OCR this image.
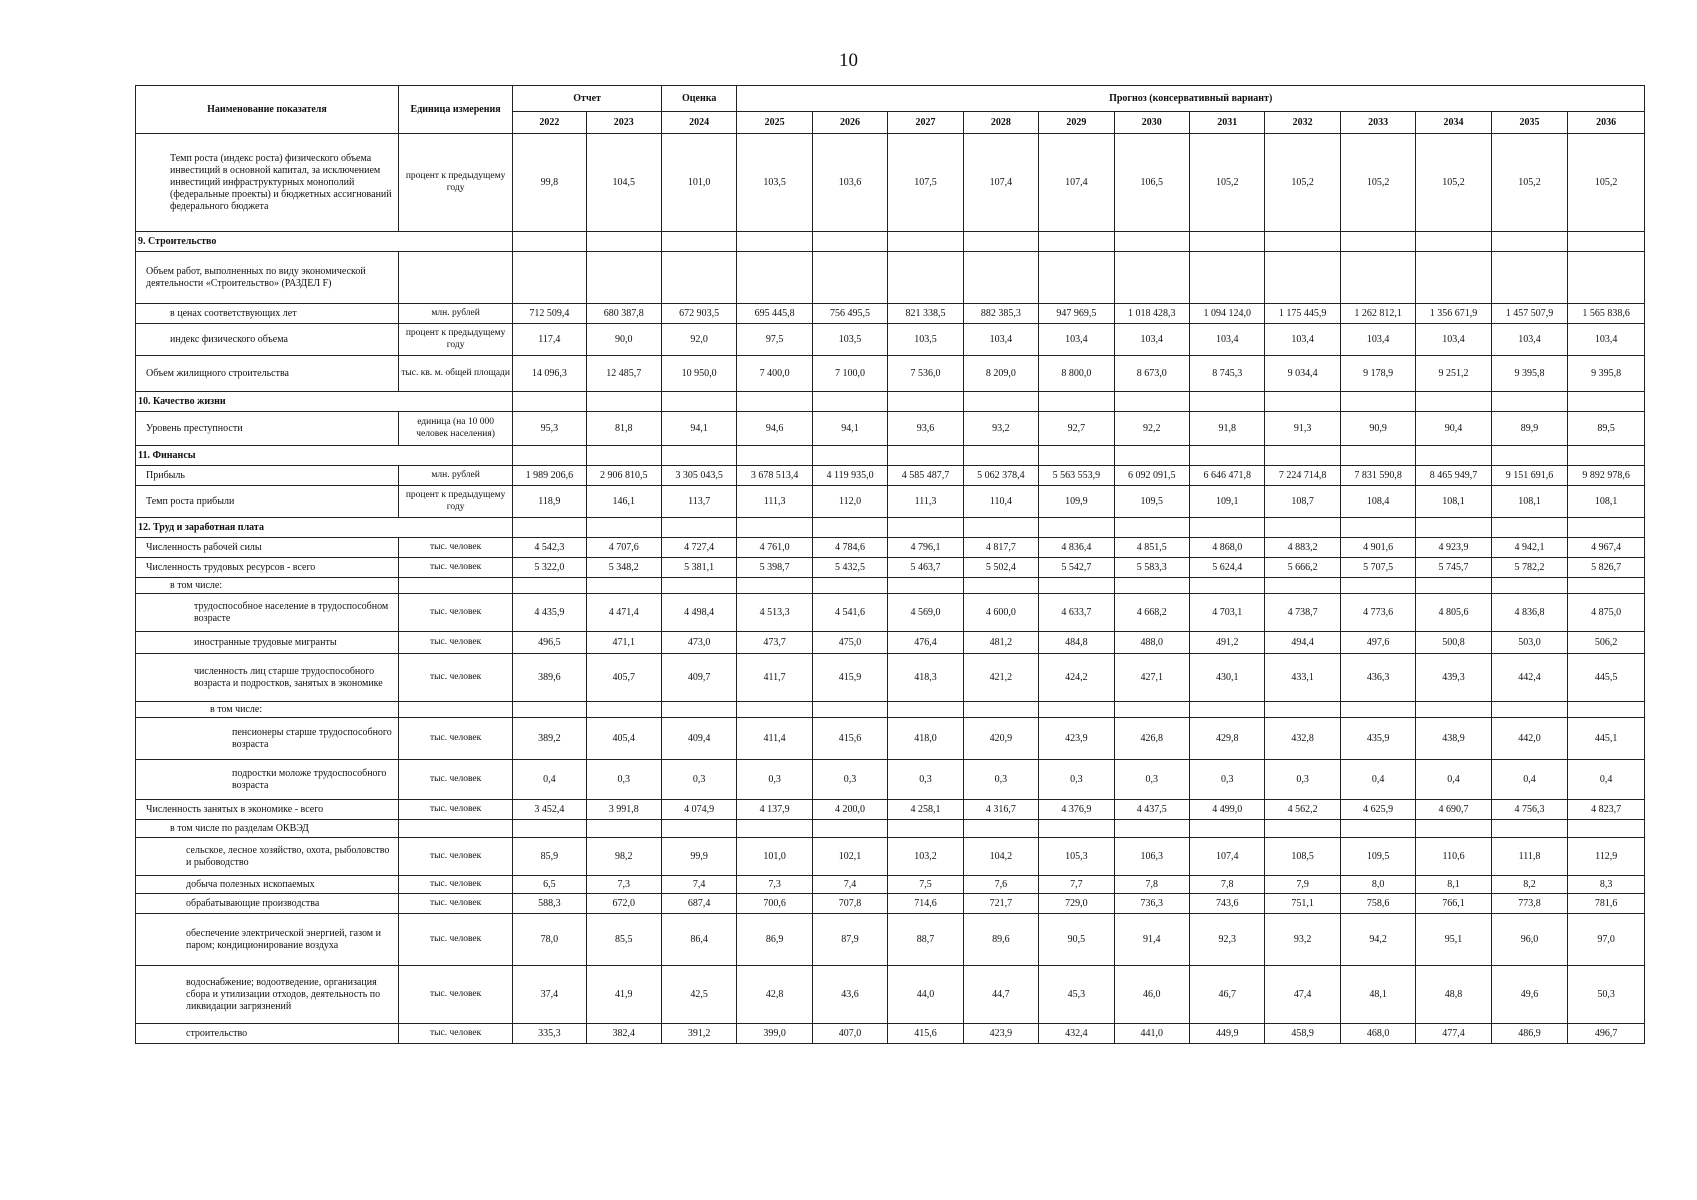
10
Наименование показателя	Единица измерения	Отчет		Оценка	Прогноз (консервативный вариант)											
		2022	2023	2024	2025	2026	2027	2028	2029	2030	2031	2032	2033	2034	2035	2036
Темп роста (индекс роста) физического объема инвестиций в основной капитал, за исключением инвестиций инфраструктурных монополий (федеральные проекты) и бюджетных ассигнований федерального бюджета	процент к предыдущему году	99,8	104,5	101,0	103,5	103,6	107,5	107,4	107,4	106,5	105,2	105,2	105,2	105,2	105,2	105,2
9. Строительство																
Объем работ, выполненных по виду экономической деятельности «Строительство» (РАЗДЕЛ F)																
в ценах соответствующих лет	млн. рублей	712 509,4	680 387,8	672 903,5	695 445,8	756 495,5	821 338,5	882 385,3	947 969,5	1 018 428,3	1 094 124,0	1 175 445,9	1 262 812,1	1 356 671,9	1 457 507,9	1 565 838,6
индекс физического объема	процент к предыдущему году	117,4	90,0	92,0	97,5	103,5	103,5	103,4	103,4	103,4	103,4	103,4	103,4	103,4	103,4	103,4
Объем жилищного строительства	тыс. кв. м. общей площади	14 096,3	12 485,7	10 950,0	7 400,0	7 100,0	7 536,0	8 209,0	8 800,0	8 673,0	8 745,3	9 034,4	9 178,9	9 251,2	9 395,8	9 395,8
10. Качество жизни																
Уровень преступности	единица (на 10 000 человек населения)	95,3	81,8	94,1	94,6	94,1	93,6	93,2	92,7	92,2	91,8	91,3	90,9	90,4	89,9	89,5
11. Финансы																
Прибыль	млн. рублей	1 989 206,6	2 906 810,5	3 305 043,5	3 678 513,4	4 119 935,0	4 585 487,7	5 062 378,4	5 563 553,9	6 092 091,5	6 646 471,8	7 224 714,8	7 831 590,8	8 465 949,7	9 151 691,6	9 892 978,6
Темп роста прибыли	процент к предыдущему году	118,9	146,1	113,7	111,3	112,0	111,3	110,4	109,9	109,5	109,1	108,7	108,4	108,1	108,1	108,1
12. Труд и заработная плата																
Численность рабочей силы	тыс. человек	4 542,3	4 707,6	4 727,4	4 761,0	4 784,6	4 796,1	4 817,7	4 836,4	4 851,5	4 868,0	4 883,2	4 901,6	4 923,9	4 942,1	4 967,4
Численность трудовых ресурсов - всего	тыс. человек	5 322,0	5 348,2	5 381,1	5 398,7	5 432,5	5 463,7	5 502,4	5 542,7	5 583,3	5 624,4	5 666,2	5 707,5	5 745,7	5 782,2	5 826,7
в том числе:																
трудоспособное население в трудоспособном возрасте	тыс. человек	4 435,9	4 471,4	4 498,4	4 513,3	4 541,6	4 569,0	4 600,0	4 633,7	4 668,2	4 703,1	4 738,7	4 773,6	4 805,6	4 836,8	4 875,0
иностранные трудовые мигранты	тыс. человек	496,5	471,1	473,0	473,7	475,0	476,4	481,2	484,8	488,0	491,2	494,4	497,6	500,8	503,0	506,2
численность лиц старше трудоспособного возраста и подростков, занятых в экономике	тыс. человек	389,6	405,7	409,7	411,7	415,9	418,3	421,2	424,2	427,1	430,1	433,1	436,3	439,3	442,4	445,5
в том числе:																
пенсионеры старше трудоспособного возраста	тыс. человек	389,2	405,4	409,4	411,4	415,6	418,0	420,9	423,9	426,8	429,8	432,8	435,9	438,9	442,0	445,1
подростки моложе трудоспособного возраста	тыс. человек	0,4	0,3	0,3	0,3	0,3	0,3	0,3	0,3	0,3	0,3	0,3	0,4	0,4	0,4	0,4
Численность занятых в экономике - всего	тыс. человек	3 452,4	3 991,8	4 074,9	4 137,9	4 200,0	4 258,1	4 316,7	4 376,9	4 437,5	4 499,0	4 562,2	4 625,9	4 690,7	4 756,3	4 823,7
в том числе по разделам ОКВЭД																
сельское, лесное хозяйство, охота, рыболовство и рыбоводство	тыс. человек	85,9	98,2	99,9	101,0	102,1	103,2	104,2	105,3	106,3	107,4	108,5	109,5	110,6	111,8	112,9
добыча полезных ископаемых	тыс. человек	6,5	7,3	7,4	7,3	7,4	7,5	7,6	7,7	7,8	7,8	7,9	8,0	8,1	8,2	8,3
обрабатывающие производства	тыс. человек	588,3	672,0	687,4	700,6	707,8	714,6	721,7	729,0	736,3	743,6	751,1	758,6	766,1	773,8	781,6
обеспечение электрической энергией, газом и паром; кондиционирование воздуха	тыс. человек	78,0	85,5	86,4	86,9	87,9	88,7	89,6	90,5	91,4	92,3	93,2	94,2	95,1	96,0	97,0
водоснабжение; водоотведение, организация сбора и утилизации отходов, деятельность по ликвидации загрязнений	тыс. человек	37,4	41,9	42,5	42,8	43,6	44,0	44,7	45,3	46,0	46,7	47,4	48,1	48,8	49,6	50,3
строительство	тыс. человек	335,3	382,4	391,2	399,0	407,0	415,6	423,9	432,4	441,0	449,9	458,9	468,0	477,4	486,9	496,7
